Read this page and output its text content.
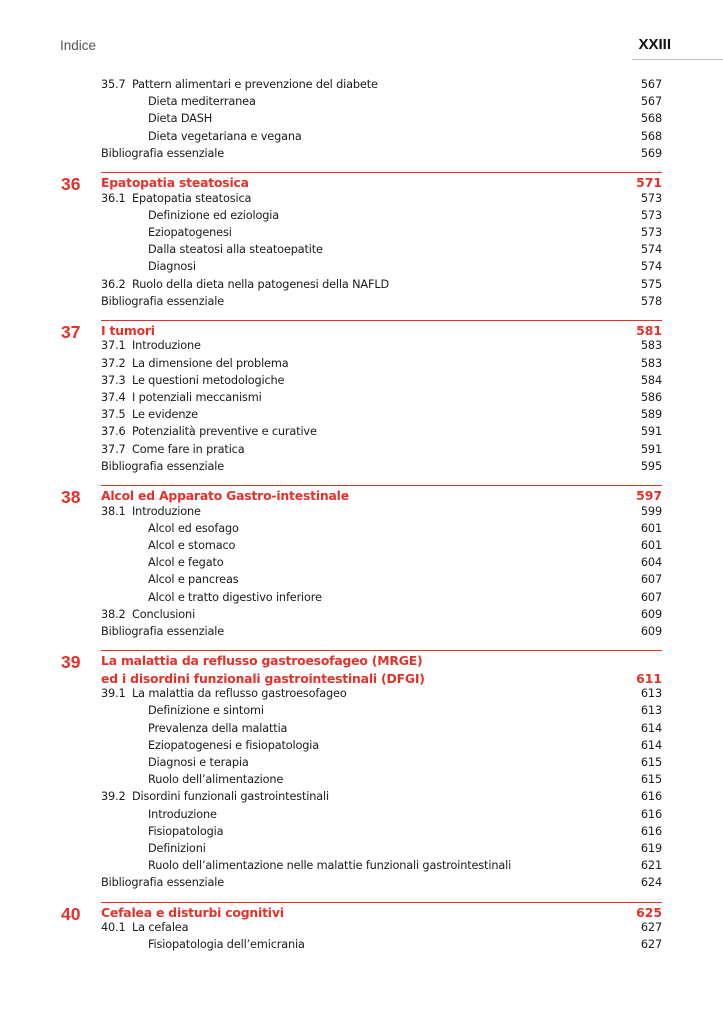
Indice	XXIII
35.7 Pattern alimentari e prevenzione del diabete	567
Dieta mediterranea	567
Dieta DASH	568
Dieta vegetariana e vegana	568
Bibliografia essenziale	569
36 Epatopatia steatosica	571
36.1 Epatopatia steatosica	573
Definizione ed eziologia	573
Eziopatogenesi	573
Dalla steatosi alla steatoepatite	574
Diagnosi	574
36.2 Ruolo della dieta nella patogenesi della NAFLD	575
Bibliografia essenziale	578
37 I tumori	581
37.1 Introduzione	583
37.2 La dimensione del problema	583
37.3 Le questioni metodologiche	584
37.4 I potenziali meccanismi	586
37.5 Le evidenze	589
37.6 Potenzialità preventive e curative	591
37.7 Come fare in pratica	591
Bibliografia essenziale	595
38 Alcol ed Apparato Gastro-intestinale	597
38.1 Introduzione	599
Alcol ed esofago	601
Alcol e stomaco	601
Alcol e fegato	604
Alcol e pancreas	607
Alcol e tratto digestivo inferiore	607
38.2 Conclusioni	609
Bibliografia essenziale	609
39 La malattia da reflusso gastroesofageo (MRGE)
ed i disordini funzionali gastrointestinali (DFGI)	611
39.1 La malattia da reflusso gastroesofageo	613
Definizione e sintomi	613
Prevalenza della malattia	614
Eziopatogenesi e fisiopatologia	614
Diagnosi e terapia	615
Ruolo dell’alimentazione	615
39.2 Disordini funzionali gastrointestinali	616
Introduzione	616
Fisiopatologia	616
Definizioni	619
Ruolo dell’alimentazione nelle malattie funzionali gastrointestinali	621
Bibliografia essenziale	624
40 Cefalea e disturbi cognitivi	625
40.1 La cefalea	627
Fisiopatologia dell’emicrania	627
